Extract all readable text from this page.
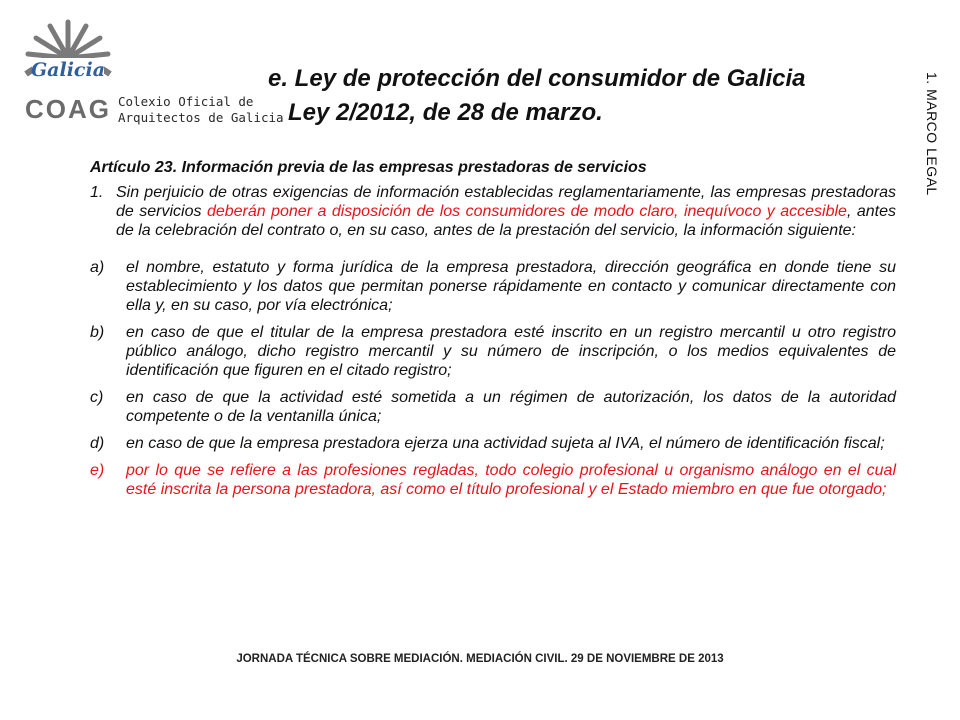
Galicia
COAG Colexio Oficial de
Arquitectos de Galicia
e. Ley de protección del consumidor de Galicia
Ley 2/2012, de 28 de marzo.	1. MARCO LEGAL
Artículo 23. Información previa de las empresas prestadoras de servicios
1. Sin perjuicio de otras exigencias de información establecidas reglamentariamente, las empresas prestadoras de servicios deberán poner a disposición de los consumidores de modo claro, inequívoco y accesible, antes de la celebración del contrato o, en su caso, antes de la prestación del servicio, la información siguiente:
a)	el nombre, estatuto y forma jurídica de la empresa prestadora, dirección geográfica en donde tiene su establecimiento y los datos que permitan ponerse rápidamente en contacto y comunicar directamente con ella y, en su caso, por vía electrónica;
b)	en caso de que el titular de la empresa prestadora esté inscrito en un registro mercantil u otro registro público análogo, dicho registro mercantil y su número de inscripción, o los medios equivalentes de identificación que figuren en el citado registro;
c)	en caso de que la actividad esté sometida a un régimen de autorización, los datos de la autoridad competente o de la ventanilla única;
d)	en caso de que la empresa prestadora ejerza una actividad sujeta al IVA, el número de identificación fiscal;
e)	por lo que se refiere a las profesiones regladas, todo colegio profesional u organismo análogo en el cual esté inscrita la persona prestadora, así como el título profesional y el Estado miembro en que fue otorgado;
JORNADA TÉCNICA SOBRE MEDIACIÓN. MEDIACIÓN CIVIL. 29 DE NOVIEMBRE DE 2013
